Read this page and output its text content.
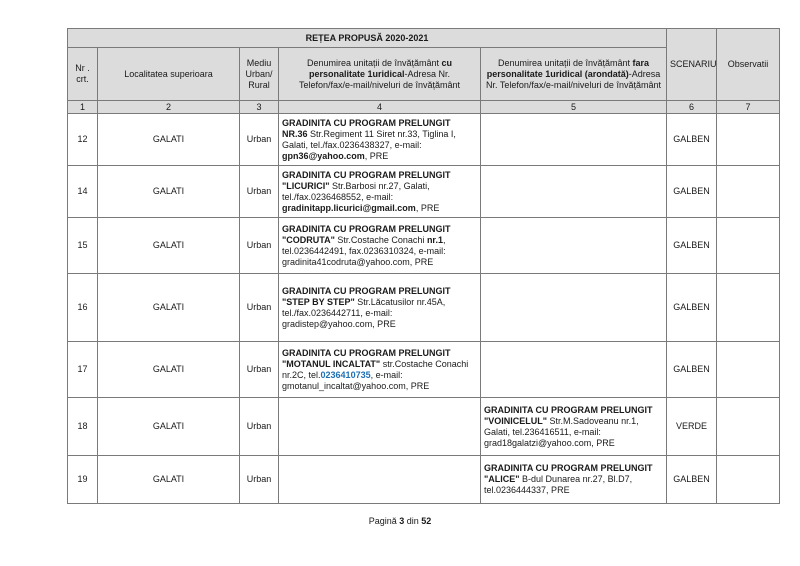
REȚEA PROPUSĂ 2020-2021					SCENARIU	Observatii
Nr . crt.	Localitatea superioara	Mediu Urban/ Rural	Denumirea unitații de învățământ cu personalitate 1uridical-Adresa Nr. Telefon/fax/e-mail/niveluri de învățământ	Denumirea unitații de învățământ fara personalitate 1uridical (arondată)-Adresa Nr. Telefon/fax/e-mail/niveluri de învățământ		
1	2	3	4	5	6	7
12	GALATI	Urban	GRADINITA CU PROGRAM PRELUNGIT NR.36 Str.Regiment 11 Siret nr.33, Tiglina I, Galati, tel./fax.0236438327, e-mail: gpn36@yahoo.com, PRE		GALBEN	
14	GALATI	Urban	GRADINITA CU PROGRAM PRELUNGIT "LICURICI" Str.Barbosi nr.27, Galati, tel./fax.0236468552, e-mail: gradinitapp.licurici@gmail.com, PRE		GALBEN	
15	GALATI	Urban	GRADINITA CU PROGRAM PRELUNGIT "CODRUTA" Str.Costache Conachi nr.1, tel.0236442491, fax.0236310324, e-mail: gradinita41codruta@yahoo.com, PRE		GALBEN	
16	GALATI	Urban	GRADINITA CU PROGRAM PRELUNGIT "STEP BY STEP" Str.Lăcatusilor nr.45A, tel./fax.0236442711, e-mail: gradistep@yahoo.com, PRE		GALBEN	
17	GALATI	Urban	GRADINITA CU PROGRAM PRELUNGIT "MOTANUL INCALTAT" str.Costache Conachi nr.2C, tel.0236410735, e-mail: gmotanul_incaltat@yahoo.com, PRE		GALBEN	
18	GALATI	Urban		GRADINITA CU PROGRAM PRELUNGIT "VOINICELUL" Str.M.Sadoveanu nr.1, Galati, tel.236416511, e-mail: grad18galatzi@yahoo.com, PRE	VERDE	
19	GALATI	Urban		GRADINITA CU PROGRAM PRELUNGIT "ALICE" B-dul Dunarea nr.27, Bl.D7, tel.0236444337, PRE	GALBEN	
Pagină 3 din 52
